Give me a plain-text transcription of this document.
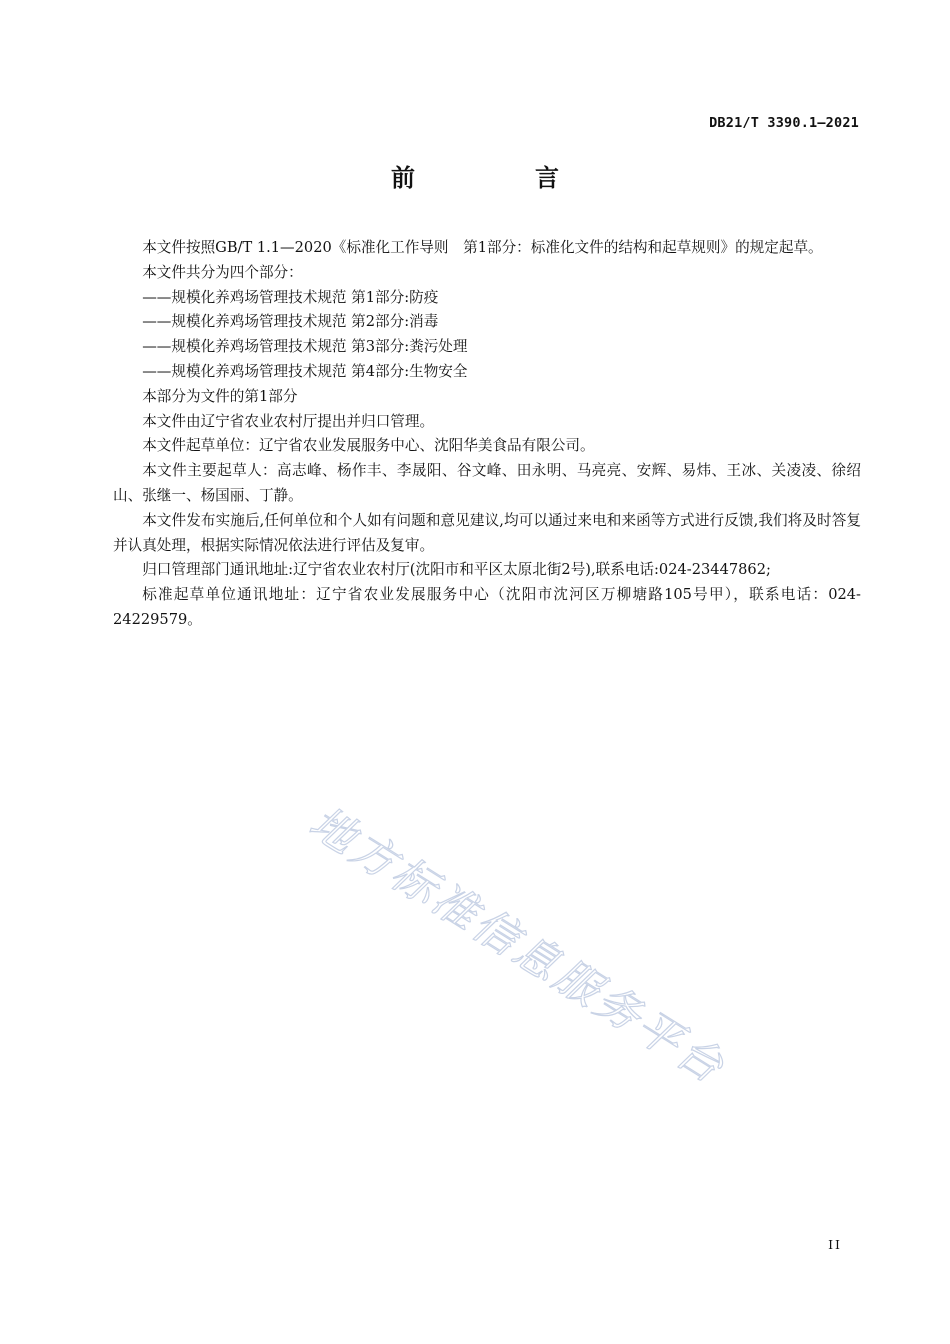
DB21/T 3390.1—2021
前　言

本文件按照GB/T 1.1—2020《标准化工作导则　第1部分：标准化文件的结构和起草规则》的规定起草。

本文件共分为四个部分：

——规模化养鸡场管理技术规范 第1部分:防疫

——规模化养鸡场管理技术规范 第2部分:消毒

——规模化养鸡场管理技术规范 第3部分:粪污处理

——规模化养鸡场管理技术规范 第4部分:生物安全

本部分为文件的第1部分

本文件由辽宁省农业农村厅提出并归口管理。

本文件起草单位：辽宁省农业发展服务中心、沈阳华美食品有限公司。

本文件主要起草人：高志峰、杨作丰、李晟阳、谷文峰、田永明、马亮亮、安辉、易炜、王冰、关凌凌、徐绍山、张继一、杨国丽、丁静。

本文件发布实施后,任何单位和个人如有问题和意见建议,均可以通过来电和来函等方式进行反馈,我们将及时答复并认真处理，根据实际情况依法进行评估及复审。

归口管理部门通讯地址:辽宁省农业农村厅(沈阳市和平区太原北街2号),联系电话:024-23447862;

标准起草单位通讯地址：辽宁省农业发展服务中心（沈阳市沈河区万柳塘路105号甲），联系电话：024-24229579。

地方标准信息服务平台
II
